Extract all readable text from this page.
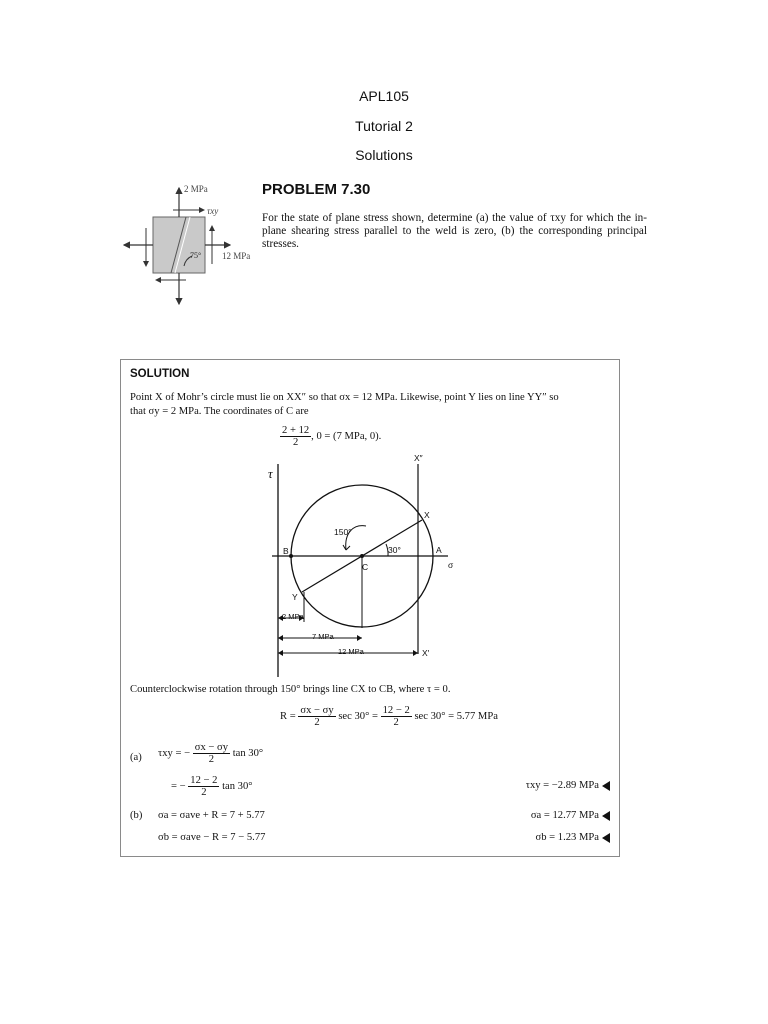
APL105
Tutorial 2
Solutions
2 MPa
τxy
12 MPa
75°
PROBLEM 7.30
For the state of plane stress shown, determine (a) the value of τxy for which the in-plane shearing stress parallel to the weld is zero, (b) the corresponding principal stresses.
SOLUTION
Point X of Mohr’s circle must lie on XX″ so that σx = 12 MPa. Likewise, point Y lies on line YY″ so
that σy = 2 MPa. The coordinates of C are
$\frac{2 + 12}{2}$ , 0 = (7 MPa, 0).
τ
σ
X″
X′
X
Y
A
B
C
150°
30°
2 MPa
7 MPa
12 MPa
Counterclockwise rotation through 150° brings line CX to CB, where τ = 0.
$R = \frac{\sigma x - \sigma y}{2}$ $\sec 30^\circ = \frac{12 - 2}{2}$ sec 30° = 5.77 MPa
(a) τxy = − $\frac{\sigma x - \sigma y}{2}$ tan 30°
= − $\frac{12 - 2}{2}$ tan 30°	τxy = −2.89 MPa
(b) σa = σave + R = 7 + 5.77	σa = 12.77 MPa
σb = σave − R = 7 − 5.77	σb = 1.23 MPa
